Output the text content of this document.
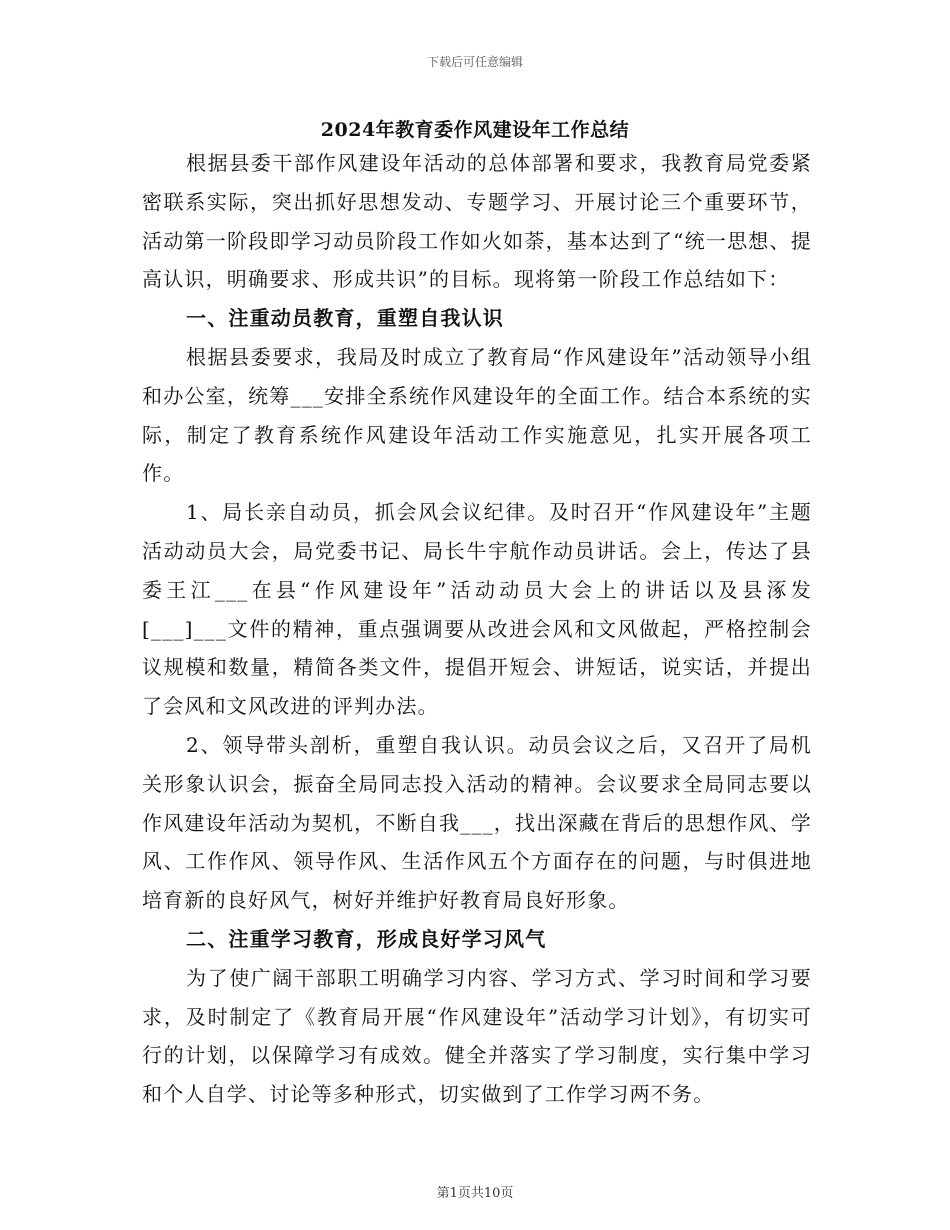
下载后可任意编辑
2024年教育委作风建设年工作总结

根据县委干部作风建设年活动的总体部署和要求，我教育局党委紧密联系实际，突出抓好思想发动、专题学习、开展讨论三个重要环节，活动第一阶段即学习动员阶段工作如火如荼，基本达到了“统一思想、提高认识，明确要求、形成共识”的目标。现将第一阶段工作总结如下：

一、注重动员教育，重塑自我认识

根据县委要求，我局及时成立了教育局“作风建设年”活动领导小组和办公室，统筹___安排全系统作风建设年的全面工作。结合本系统的实际，制定了教育系统作风建设年活动工作实施意见，扎实开展各项工作。

1、局长亲自动员，抓会风会议纪律。及时召开“作风建设年”主题活动动员大会，局党委书记、局长牛宇航作动员讲话。会上，传达了县委王江___在县“作风建设年”活动动员大会上的讲话以及县涿发[___]___文件的精神，重点强调要从改进会风和文风做起，严格控制会议规模和数量，精简各类文件，提倡开短会、讲短话，说实话，并提出了会风和文风改进的评判办法。

2、领导带头剖析，重塑自我认识。动员会议之后，又召开了局机关形象认识会，振奋全局同志投入活动的精神。会议要求全局同志要以作风建设年活动为契机，不断自我___，找出深藏在背后的思想作风、学风、工作作风、领导作风、生活作风五个方面存在的问题，与时俱进地培育新的良好风气，树好并维护好教育局良好形象。

二、注重学习教育，形成良好学习风气

为了使广阔干部职工明确学习内容、学习方式、学习时间和学习要求，及时制定了《教育局开展“作风建设年”活动学习计划》，有切实可行的计划，以保障学习有成效。健全并落实了学习制度，实行集中学习和个人自学、讨论等多种形式，切实做到了工作学习两不务。

第1页共10页
